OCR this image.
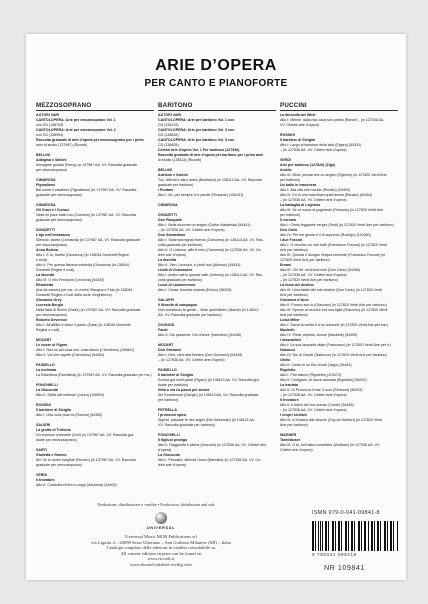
ARIE D’OPERA
PER CANTO E PIANOFORTE
MEZZOSOPRANO
AUTORI VARI
CANTOLOPERA: Arie per mezzosoprano Vol. 1
con CD (138703)
CANTOLOPERA: Arie per mezzosoprano Vol. 2
con CD (138994)
Raccolta graduale di arie d’opera per mezzosoprano per i primi
anni di studio (137987) (Ricordi)

BELLINI
Adalgisa e Salvini
Immagine gradita (Ferny) cn 137987 AA. VV. Raccolta graduale
per mezzosoprano)

CIMAROSA
Pigmalione
Bel nome il cavaliero (Pigmalione) (in 137987 AA. VV. Raccolta
graduale per mezzosoprano)

CIMAROSA
Gli Orazi e i Curiazi
Nella mi pace stato mio (Curiazio) (in 137987 AA. VV. Raccolta
graduale per mezzosoprano)

DONIZETTI
L’ajo nell’imbarazzo
Silenzio, tacete (Leonarda) (in 137987 AA. VV. Raccolta graduale
per mezzosoprano)
Anna Bolena
Atto I: E tu, marito (Giovanna) (in 138044 Donizetti Regine
e ruoli)
Atto II: Per questa fiamma indomita (Giovanna) (in 138044
Donizetti Regine e ruoli)
La favorita
Atto III: O mio Fernando (Leonora) (54330)
Elisabetta
Aria da camera per ms.: In morte! Bisogna è Fida (in 138044
Donizetti Regine e ruoli dalla corte d’Inghilterra)
Giovanna Grey
Lucrezia Borgia
Nella fatal di Rimini (Orsini) (in 137987 AA. VV. Raccolta graduale
per mezzosoprano)
Roberto Devereux
Atto I: All’afflitto è dolce il pianto (Sara) (in 138044 Donizetti
Regine e ruoli)

MOZART
Le nozze di Figaro
Atto I: Non so più cosa son, cosa faccio (Cherubino) (106841)
Atto II: Voi che sapete (Cherubino) (54364)

PAISIELLO
La molinara
La Rachelina (Rachelina) (in 137987 AA. VV. Raccolta graduale per ms.)

PONCHIELLI
La Gioconda
Atto II: Stella del marinar! (Laura) (106904)

ROSSINI
Il barbiere di Siviglia
Atto I: Una voce poco fa (Rosina) (54355)

SALIERI
La grotta di Trofonio
Un boccone d’amante (Dori) (in 137987 AA. VV. Raccolta gra-
duale per mezzosoprano)

SARTI
Giulietta e Romeo
Ah! Se tu dormi svegliati (Romeo) (in 137987 AA. VV. Raccolta
graduale per mezzosoprano)

VERDI
Il trovatore
Atto II: Condotta ell’era in ceppi (Azucena) (54400)
BARITONO
AUTORI VARI
CANTOLOPERA: Arie per baritono Vol. 1 con
CD (138133)
CANTOLOPERA: Arie per baritono Vol. 2 con
CD (138828)
CANTOLOPERA: Arie per baritono Vol. 3 con
CD (138605)
Celebri arie d’opera Vol. 1 Per baritono (127536)
Raccolta graduale di arie d’opera per baritono per i primi anni
di studio (138113) (Ricordi)

BELLINI
Adelson e Salvini
Tuo, difendi e altro rivelsi (Bonifacio) (in 138113 AA. VV. Raccolta
graduale per baritono)
I Puritani
Atto I: Ah, per sempre io ti perdei (Riccardo) (106141)

CIMAROSA

DONIZETTI
Don Pasquale
Atto I: Bella siccome un angelo (Dottor Malatesta) (54441)
– (in 127536 AA. VV. Celebri arie d’opera)
Don Sebastiano
Atto I: Sciarmai regnal riforma (Camoens) (in 138113 AA. VV. Rac-
colta graduale per baritono)
Atto II: O Lisbona, alfin ti miro (Camoens) (in 127536 AA. VV. Ce-
lebri arie d’opera)
La favorita
Atto II: Vien, Leonora, a’ piedi tuoi (Alfonso) (54443)
Linda di Chamounix
Atto I: Ambo nati in questa valle (Antonio) (in 138113 AA. VV. Rac-
colta graduale per baritono)
Lucia di Lammermoor
Atto I: Cruda, funesta smania (Enrico) (56204)

GALUPPI
Il filosofo di campagna
Non combinolo fa gente... Vede quell’albero (Nardo) (in 138113
AA. VV. Raccolta graduale per baritono)

GOUNOD
Faust
Atto II: Dio possente, Dio d’amor (Valentino) (54446)

MOZART
Don Giovanni
Atto I: Deh, vieni alla finestra (Don Giovanni) (54449)
– (in 127536 AA. VV. Celebri arie d’opera)

PAISIELLO
Il barbiere di Siviglia
Scorsa già molti paesi (Figaro) (in 138113 AA. VV. Raccolta gra-
duale per baritono)
Nina o sia La pazza per amore
Ah! Eccellenza! (Giorgio) (in 138113 AA. VV. Raccolta graduale
per baritono)

PETRELLA
I promessi sposi
Signori, passate le mie segini (Don Abbondio) (in 138113 AA.
VV. Raccolta graduale per baritono)

PONCHIELLI
Il figliuol prodigo
Atto II: Raggiunta è calma (Amenofi) (in 127536 AA. VV. Celebri arie
d’opera)
La Gioconda
Atto I: Pescator, affonda l’esca (Barnaba) (in 127536 AA. VV. Ce-
lebri arie d’opera)
PUCCINI
La fanciulla del West
Atto I: Minnie, dalla mia casa son partito (Rance) - (in 127536 AA.
VV. Celebri arie d’opera)

ROSSINI
Il barbiere di Siviglia
Atto I: Largo al factotum della città (Figaro) (54451)
– (in 127536 AA. VV. Celebri arie d’opera)

VERDI
Arie per baritono (127820) (Zigo)
Aroldo
Atto III: Mina, pensai che un angelo (Egberto) (in 127820 Verdi Arie
per baritono)
Un ballo in maschera
Atto I: Alla vita che t’arride (Renato) (54453)
Atto III: Eri tu che macchiavi quell’anima (Renato) (54454)
– (in 127536 AA. VV. Celebri arie d’opera)
La battaglia di Legnano
Atto III: Se al nuovo di pugnando (Rolando) (in 127820 Verdi Arie
per baritono)
Il corsaro
Atto I: Cento leggiadre vergini (Seid) (in 127820 Verdi Arie per baritono)
Don Carlo
Atto IV: Per me giunto è il dì supremo (Rodrigo) (110080)
I due Foscari
Atto I: O vecchio cor che batti (Francesco Foscari) (in 127820 Verdi
Arie per baritono)
Atto III: Questa è dunque l’iniqua mercede (Francesco Foscari) (in
127820 Verdi Arie per baritono)
Ernani
Atto III: Oh! de’ verd’anni miei (Don Carlo) (54456)
– (in 127536 AA. VV. Celebri arie d’opera)
– (in 127820 Verdi Arie per baritono)
La forza del destino
Atto III: Urna fatale del mio destino (Don Carlo) (in 127820 Verdi
Arie per baritono)
Giovanna d’Arco
Atto II: Franco son io (Giacomo) (in 127820 Verdi Arie per baritono)
Atto III: Speme al vecchio era una figlia (Giacomo) (in 127820 Verdi
Arie per baritono)
Luisa Miller
Atto I: Sacra la scelta è d’un consorte (in 127820 Verdi Arie per bar.)
Macbeth
Atto IV: Pietà, rispetto, amore (Macbeth) (54459)
I masnadieri
Atto I: La sua lampada vitale (Francesco) (in 127820 Verdi Arie per b.)
Nabucco
Atto IV: Dio di Giuda! (Nabucco) (in 127820 Verdi Arie per baritono)
Otello
Atto II: Credo in un Dio crudel (Jago) (54461)
Rigoletto
Atto I: Pari siamo! (Rigoletto) (119473)
Atto II: Cortigiani, vil razza dannata (Rigoletto) (56292)
La traviata
Atto II: Di Provenza il mar, il suol (Germont) (56293)
– (in 127536 AA. VV. Celebri arie d’opera)
Il trovatore
Atto II: Il balen del suo sorriso (Conte) (54465)
– (in 127536 AA. VV. Celebri arie d’opera)
I vespri siciliani
Atto III: In braccio alle dovizie (Guy de Monfort) (in 127820 Verdi
Arie per baritono)

WAGNER
Tannhäuser
Atto III: O tu, bell’astro incantator (Wolfram) (in 127536 AA. VV.
Celebri arie d’opera)
Produzione, distribuzione e vendita • Production, distribution and sale
UNIVERSAL
Universal Music MGB Publications srl
via Liguria 4 – 20098 Sesto Ulteriano – San Giuliano Milanese (MI) – Italia
Catalogo completo delle edizioni in vendita consultabile su
All current editions in print can be found on
www.ricordi.it
www.durand-salabert-eschig.com
ISMN 979-0-041-09841-8
9 790041 098418
NR 109841
